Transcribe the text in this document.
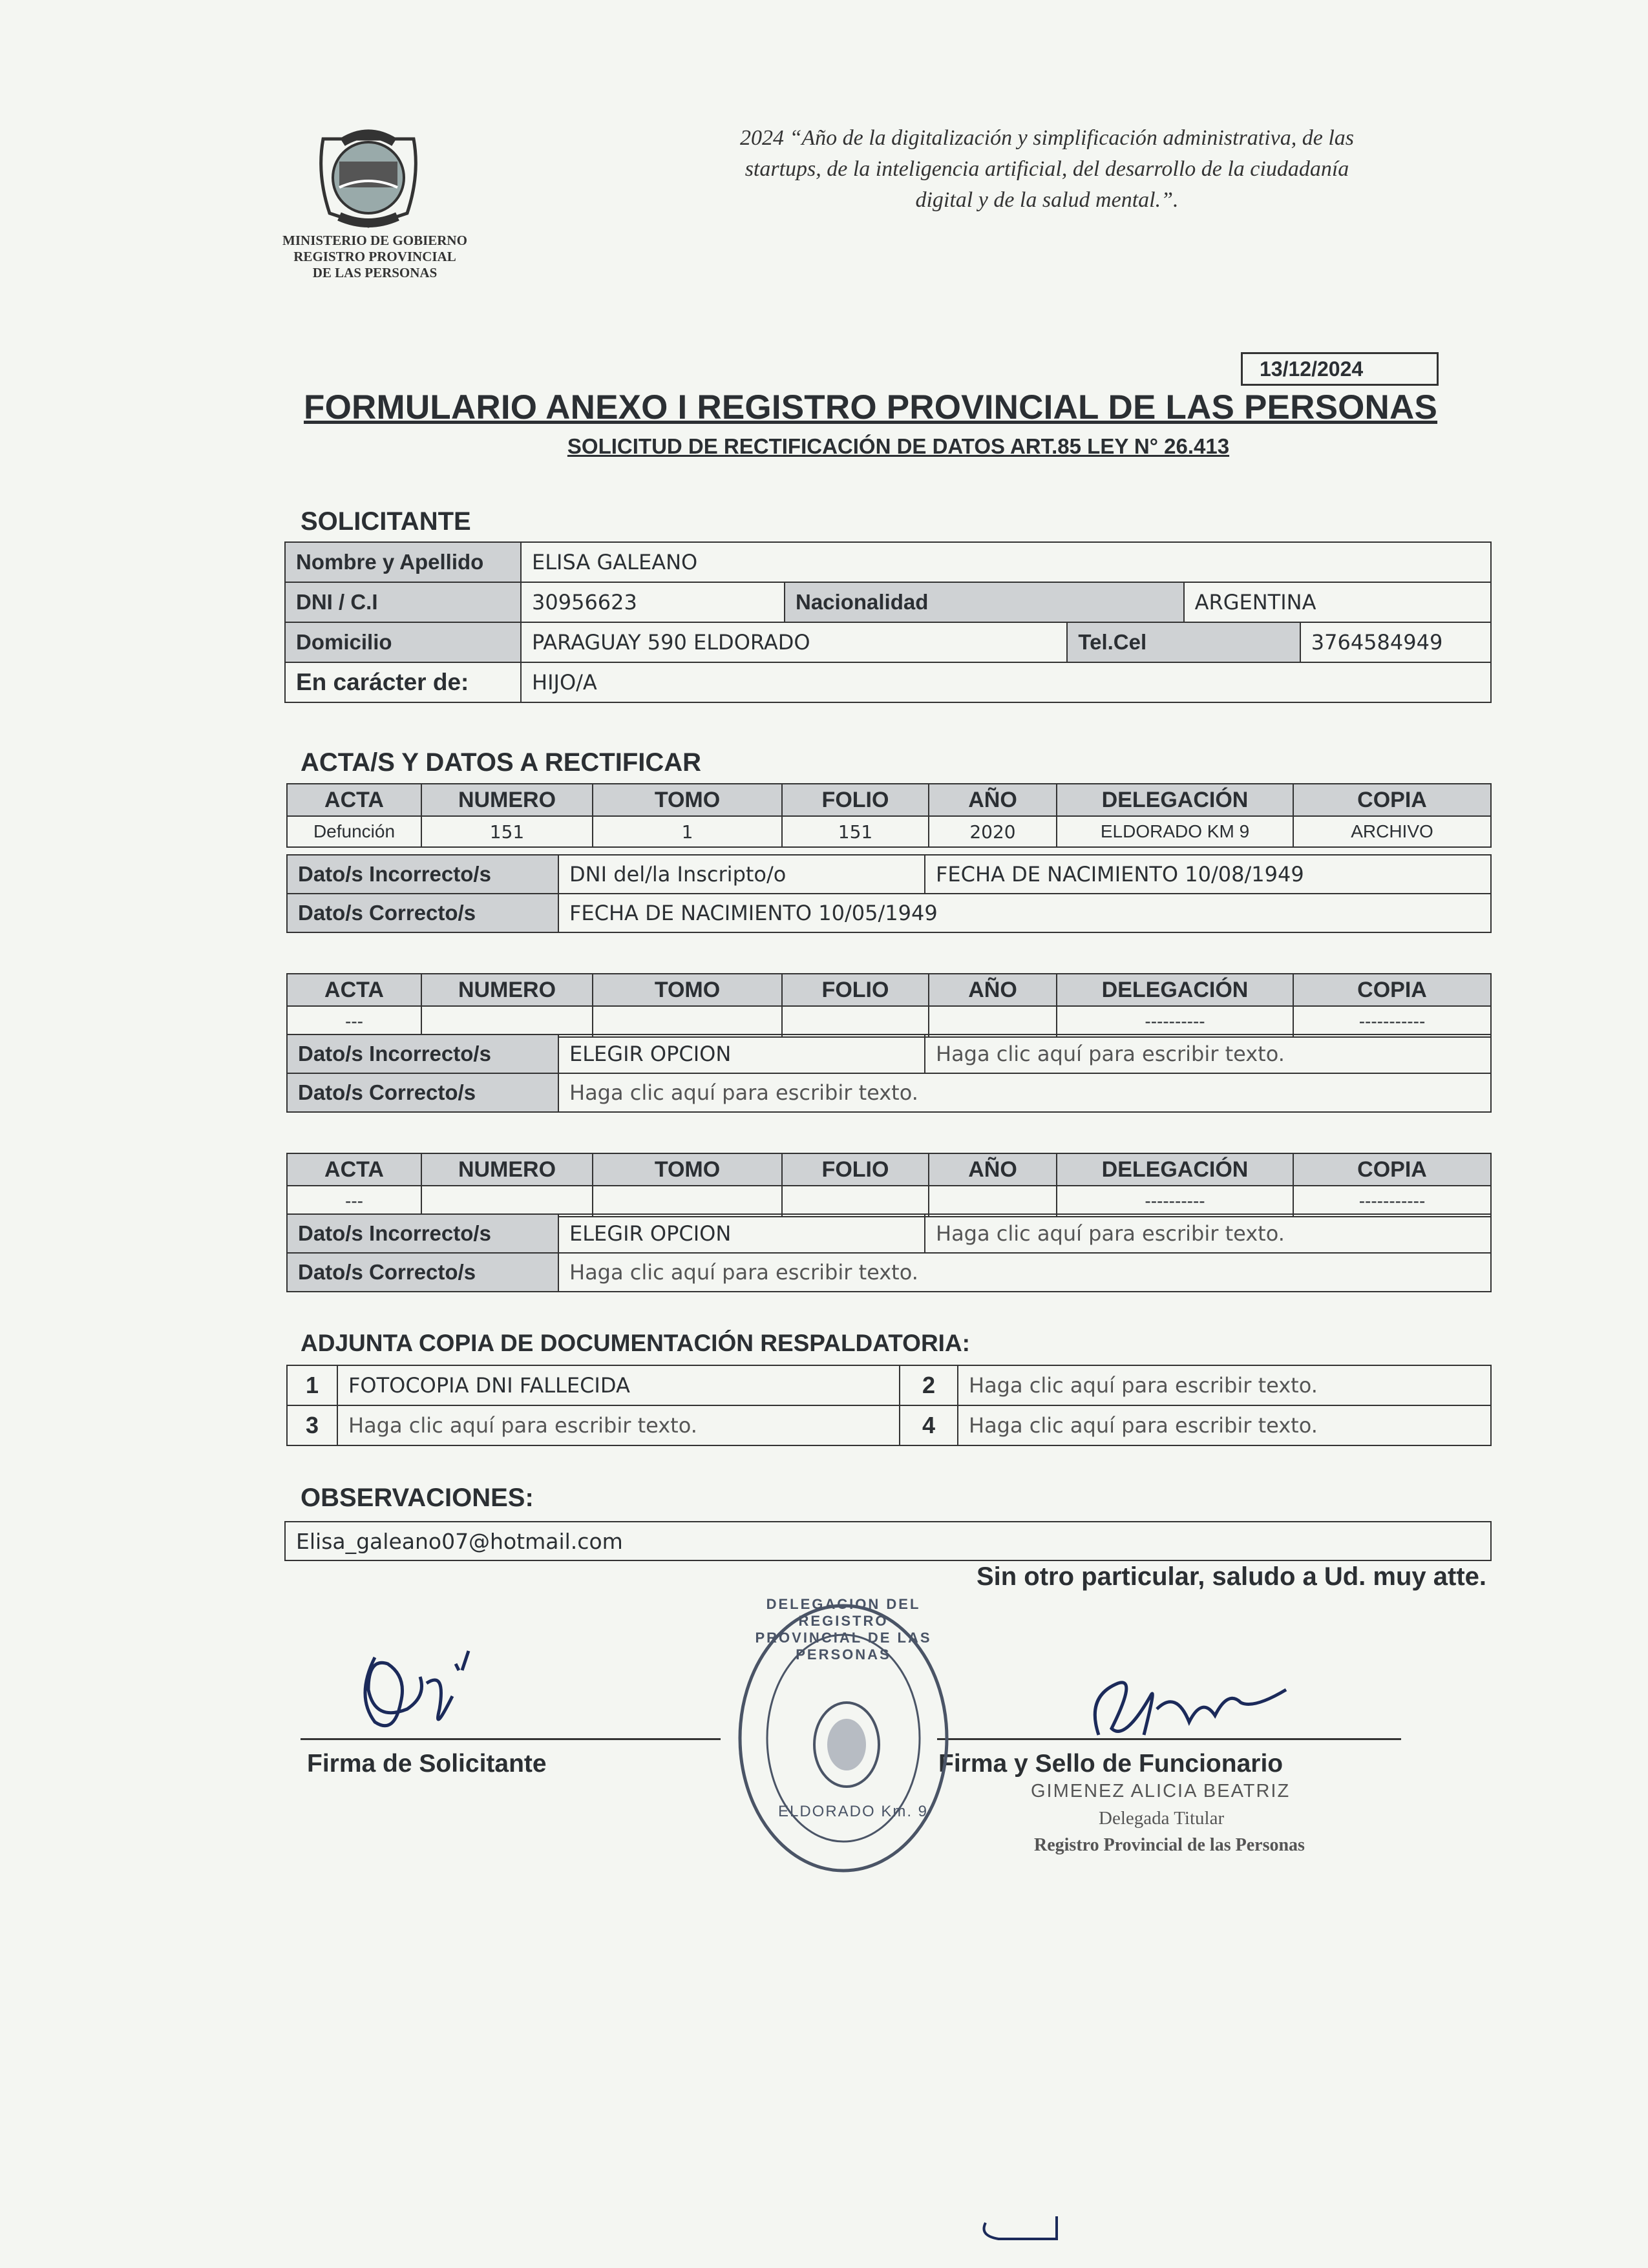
MINISTERIO DE GOBIERNO
REGISTRO PROVINCIAL
DE LAS PERSONAS
2024 “Año de la digitalización y simplificación administrativa, de las
startups, de la inteligencia artificial, del desarrollo de la ciudadanía
digital y de la salud mental.”.
13/12/2024
FORMULARIO ANEXO I REGISTRO PROVINCIAL DE LAS PERSONAS
SOLICITUD DE RECTIFICACIÓN DE DATOS ART.85 LEY N° 26.413
SOLICITANTE
Nombre y Apellido	ELISA GALEANO				
DNI / C.I	30956623	Nacionalidad		ARGENTINA	
Domicilio	PARAGUAY 590 ELDORADO		Tel.Cel		3764584949
En carácter de:	HIJO/A				
ACTA/S Y DATOS A RECTIFICAR
ACTA	NUMERO	TOMO	FOLIO	AÑO	DELEGACIÓN	COPIA
Defunción	151	1	151	2020	ELDORADO KM 9	ARCHIVO
Dato/s Incorrecto/s	DNI del/la Inscripto/o	FECHA DE NACIMIENTO 10/08/1949
Dato/s Correcto/s	FECHA DE NACIMIENTO 10/05/1949	
ACTA	NUMERO	TOMO	FOLIO	AÑO	DELEGACIÓN	COPIA
---					----------	-----------
Dato/s Incorrecto/s	ELEGIR OPCION	Haga clic aquí para escribir texto.
Dato/s Correcto/s	Haga clic aquí para escribir texto.	
ACTA	NUMERO	TOMO	FOLIO	AÑO	DELEGACIÓN	COPIA
---					----------	-----------
Dato/s Incorrecto/s	ELEGIR OPCION	Haga clic aquí para escribir texto.
Dato/s Correcto/s	Haga clic aquí para escribir texto.	
ADJUNTA COPIA DE DOCUMENTACIÓN RESPALDATORIA:
1	FOTOCOPIA DNI FALLECIDA	2	Haga clic aquí para escribir texto.
3	Haga clic aquí para escribir texto.	4	Haga clic aquí para escribir texto.
OBSERVACIONES:
Elisa_galeano07@hotmail.com
Sin otro particular, saludo a Ud. muy atte.
Firma de Solicitante	Firma y Sello de Funcionario
GIMENEZ ALICIA BEATRIZ
Delegada Titular
Registro Provincial de las Personas
DELEGACION DEL REGISTRO PROVINCIAL DE LAS PERSONAS
ELDORADO Km. 9
